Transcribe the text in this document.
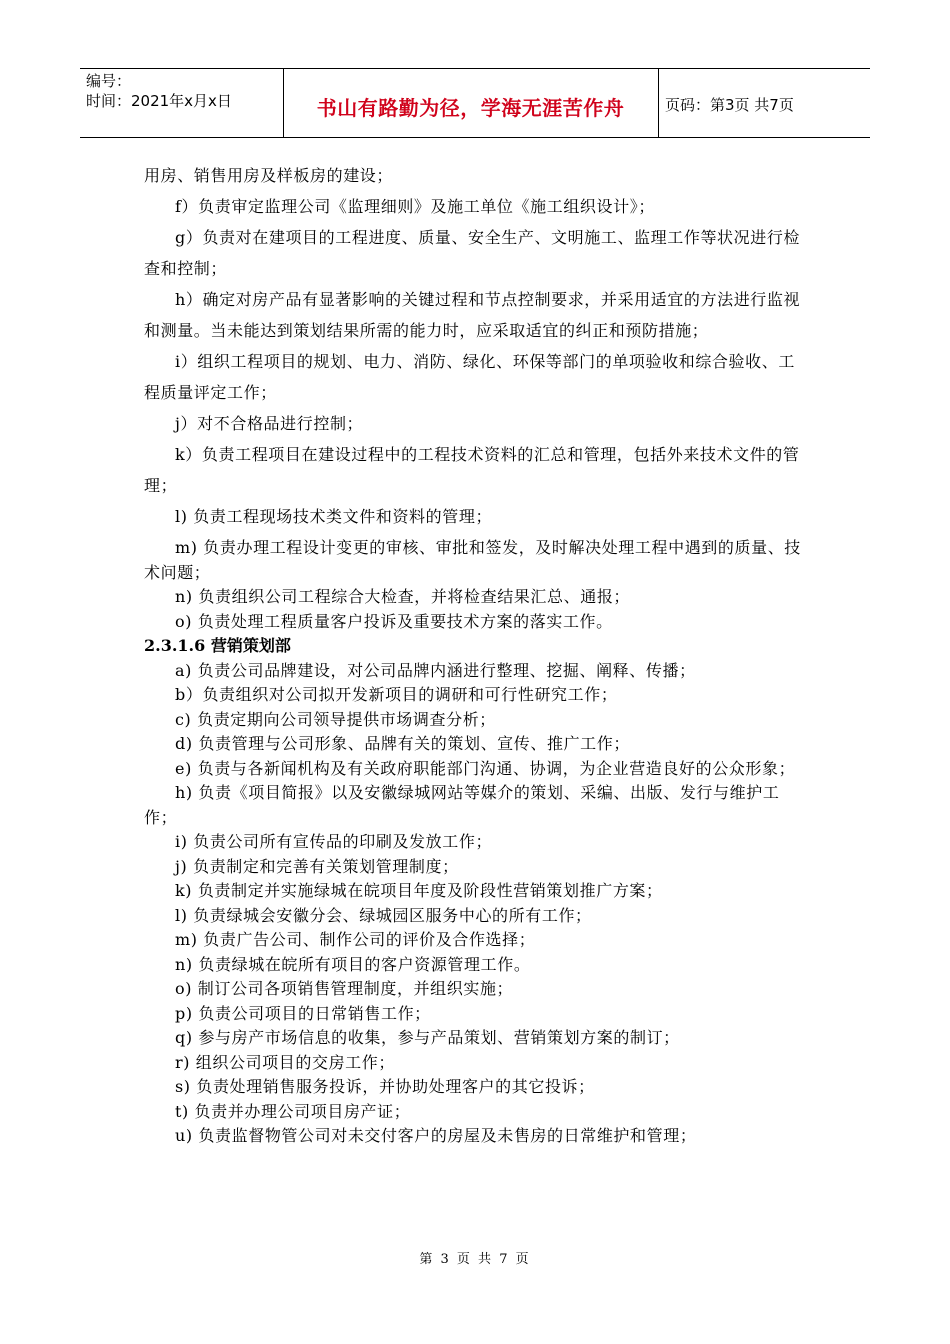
编号：
时间：2021年x月x日	书山有路勤为径，学海无涯苦作舟	页码：第3页 共7页

用房、销售用房及样板房的建设；

f）负责审定监理公司《监理细则》及施工单位《施工组织设计》；

g）负责对在建项目的工程进度、质量、安全生产、文明施工、监理工作等状况进行检查和控制；

h）确定对房产品有显著影响的关键过程和节点控制要求，并采用适宜的方法进行监视和测量。当未能达到策划结果所需的能力时，应采取适宜的纠正和预防措施；

i）组织工程项目的规划、电力、消防、绿化、环保等部门的单项验收和综合验收、工程质量评定工作；

j）对不合格品进行控制；

k）负责工程项目在建设过程中的工程技术资料的汇总和管理，包括外来技术文件的管理；

l) 负责工程现场技术类文件和资料的管理；

m) 负责办理工程设计变更的审核、审批和签发，及时解决处理工程中遇到的质量、技术问题；

n) 负责组织公司工程综合大检查，并将检查结果汇总、通报；

o) 负责处理工程质量客户投诉及重要技术方案的落实工作。

2.3.1.6 营销策划部

a) 负责公司品牌建设，对公司品牌内涵进行整理、挖掘、阐释、传播；

b）负责组织对公司拟开发新项目的调研和可行性研究工作；

c) 负责定期向公司领导提供市场调查分析；

d) 负责管理与公司形象、品牌有关的策划、宣传、推广工作；

e) 负责与各新闻机构及有关政府职能部门沟通、协调，为企业营造良好的公众形象；

h) 负责《项目简报》以及安徽绿城网站等媒介的策划、采编、出版、发行与维护工作；

i) 负责公司所有宣传品的印刷及发放工作；

j) 负责制定和完善有关策划管理制度；

k) 负责制定并实施绿城在皖项目年度及阶段性营销策划推广方案；

l) 负责绿城会安徽分会、绿城园区服务中心的所有工作；

m) 负责广告公司、制作公司的评价及合作选择；

n) 负责绿城在皖所有项目的客户资源管理工作。

o) 制订公司各项销售管理制度，并组织实施；

p) 负责公司项目的日常销售工作；

q) 参与房产市场信息的收集，参与产品策划、营销策划方案的制订；

r) 组织公司项目的交房工作；

s) 负责处理销售服务投诉，并协助处理客户的其它投诉；

t) 负责并办理公司项目房产证；

u) 负责监督物管公司对未交付客户的房屋及未售房的日常维护和管理；

第 3 页 共 7 页
